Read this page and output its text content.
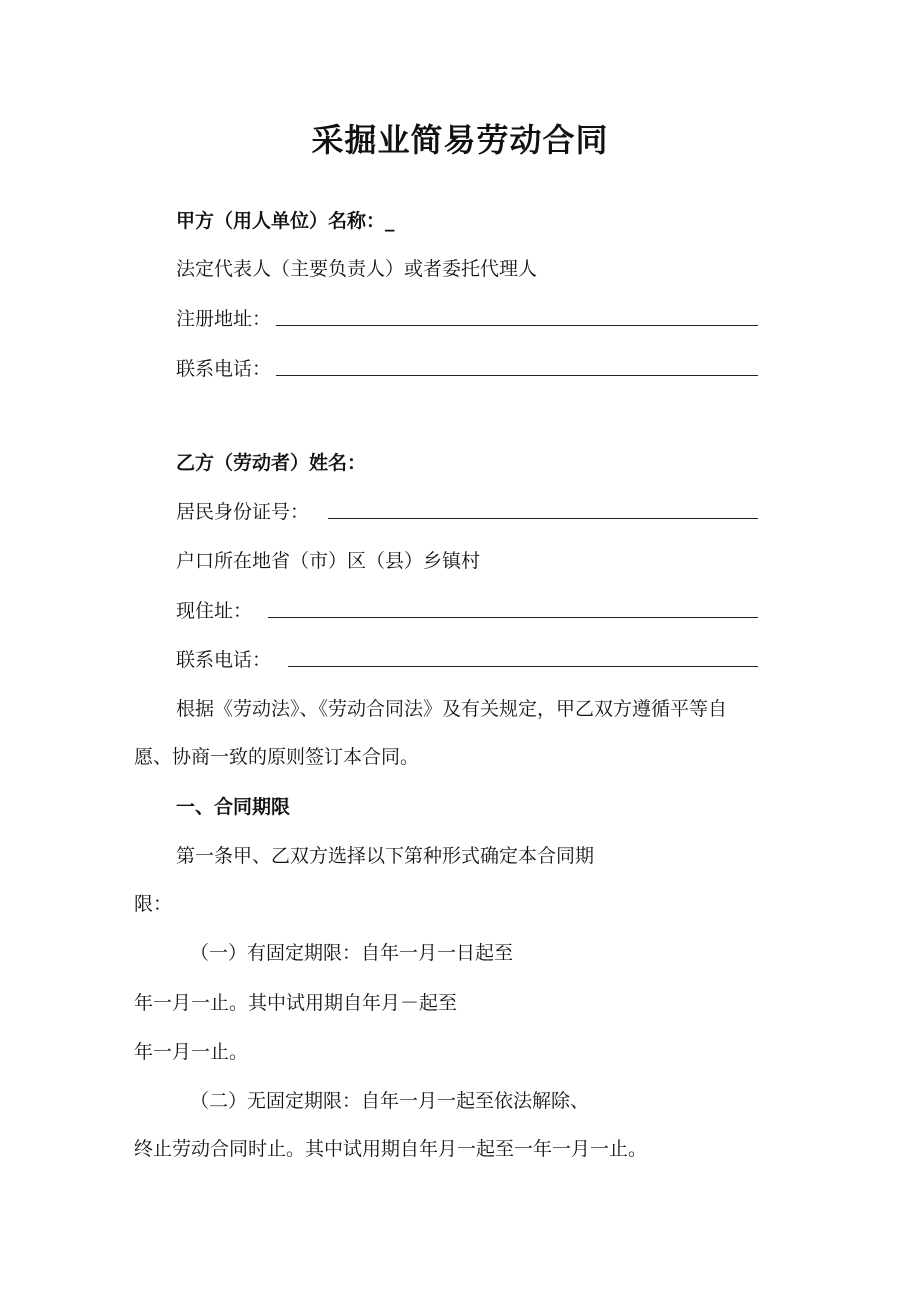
采掘业简易劳动合同
甲方（用人单位）名称：_
法定代表人（主要负责人）或者委托代理人
注册地址：
联系电话：
乙方（劳动者）姓名：
居民身份证号：
户口所在地省（市）区（县）乡镇村
现住址：
联系电话：
根据《劳动法》、《劳动合同法》及有关规定，甲乙双方遵循平等自
愿、协商一致的原则签订本合同。
一、合同期限
第一条甲、乙双方选择以下第种形式确定本合同期
限：
（一）有固定期限：自年一月一日起至
年一月一止。其中试用期自年月－起至
年一月一止。
（二）无固定期限：自年一月一起至依法解除、
终止劳动合同时止。其中试用期自年月一起至一年一月一止。
